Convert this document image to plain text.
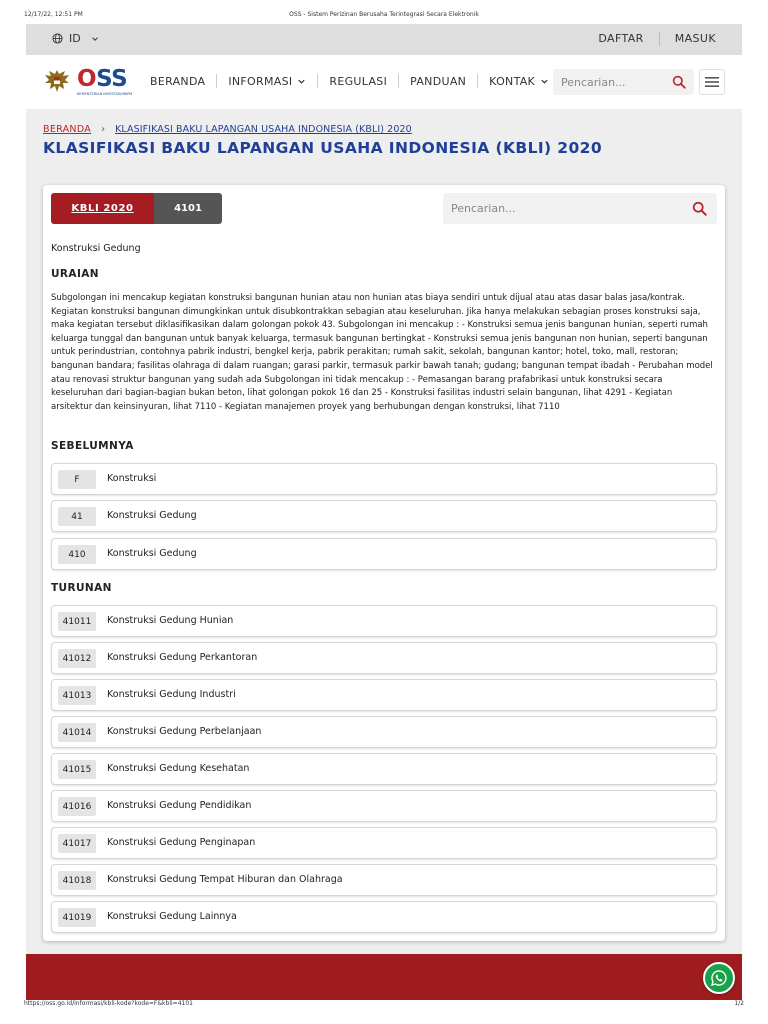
12/17/22, 12:51 PM	OSS - Sistem Perizinan Berusaha Terintegrasi Secara Elektronik
ID	DAFTAR	MASUK
OSS
KEMENTERIAN INVESTASI/BKPM
BERANDA INFORMASI	REGULASI PANDUAN KONTAK
Pencarian...
BERANDA › KLASIFIKASI BAKU LAPANGAN USAHA INDONESIA (KBLI) 2020
KLASIFIKASI BAKU LAPANGAN USAHA INDONESIA (KBLI) 2020
KBLI 2020	4101
Pencarian...
Konstruksi Gedung
URAIAN
Subgolongan ini mencakup kegiatan konstruksi bangunan hunian atau non hunian atas biaya sendiri untuk dijual atau atas dasar balas jasa/kontrak. Kegiatan konstruksi bangunan dimungkinkan untuk disubkontrakkan sebagian atau keseluruhan. Jika hanya melakukan sebagian proses konstruksi saja, maka kegiatan tersebut diklasifikasikan dalam golongan pokok 43. Subgolongan ini mencakup : - Konstruksi semua jenis bangunan hunian, seperti rumah keluarga tunggal dan bangunan untuk banyak keluarga, termasuk bangunan bertingkat - Konstruksi semua jenis bangunan non hunian, seperti bangunan untuk perindustrian, contohnya pabrik industri, bengkel kerja, pabrik perakitan; rumah sakit, sekolah, bangunan kantor; hotel, toko, mall, restoran; bangunan bandara; fasilitas olahraga di dalam ruangan; garasi parkir, termasuk parkir bawah tanah; gudang; bangunan tempat ibadah - Perubahan model atau renovasi struktur bangunan yang sudah ada Subgolongan ini tidak mencakup : - Pemasangan barang prafabrikasi untuk konstruksi secara keseluruhan dari bagian-bagian bukan beton, lihat golongan pokok 16 dan 25 - Konstruksi fasilitas industri selain bangunan, lihat 4291 - Kegiatan arsitektur dan keinsinyuran, lihat 7110 - Kegiatan manajemen proyek yang berhubungan dengan konstruksi, lihat 7110
SEBELUMNYA
F	Konstruksi
41	Konstruksi Gedung
410	Konstruksi Gedung
TURUNAN
41011	Konstruksi Gedung Hunian
41012	Konstruksi Gedung Perkantoran
41013	Konstruksi Gedung Industri
41014	Konstruksi Gedung Perbelanjaan
41015	Konstruksi Gedung Kesehatan
41016	Konstruksi Gedung Pendidikan
41017	Konstruksi Gedung Penginapan
41018	Konstruksi Gedung Tempat Hiburan dan Olahraga
41019	Konstruksi Gedung Lainnya
https://oss.go.id/informasi/kbli-kode?kode=F&kbli=4101	1/2
